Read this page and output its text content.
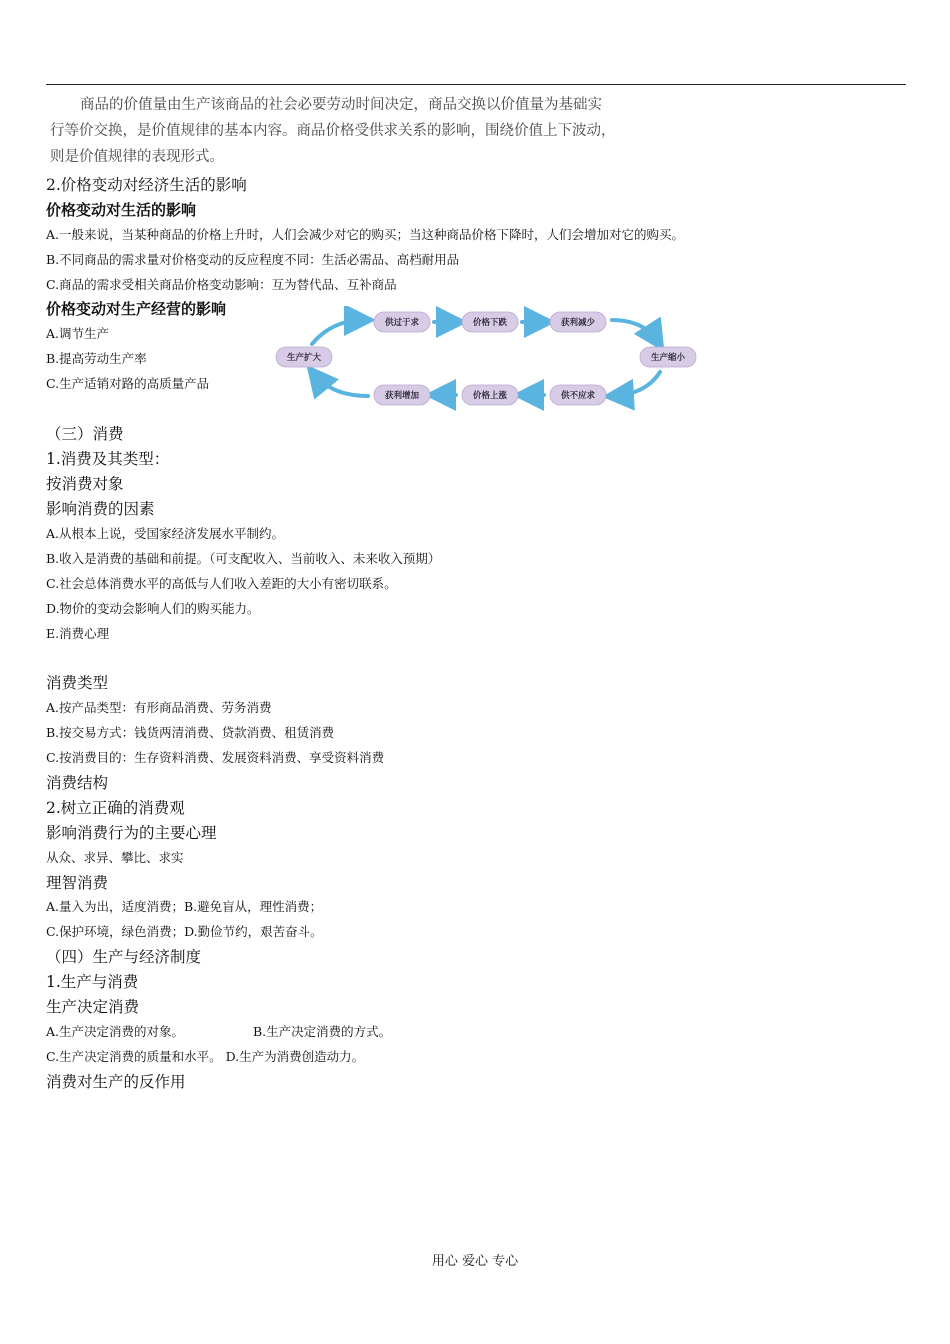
商品的价值量由生产该商品的社会必要劳动时间决定，商品交换以价值量为基础实

行等价交换，是价值规律的基本内容。商品价格受供求关系的影响，围绕价值上下波动，

则是价值规律的表现形式。

2.价格变动对经济生活的影响
价格变动对生活的影响
A.一般来说，当某种商品的价格上升时，人们会减少对它的购买；当这种商品价格下降时，人们会增加对它的购买。
B.不同商品的需求量对价格变动的反应程度不同：生活必需品、高档耐用品
C.商品的需求受相关商品价格变动影响：互为替代品、互补商品
价格变动对生产经营的影响
A.调节生产
B.提高劳动生产率
C.生产适销对路的高质量产品
供过于求	价格下跌	获利减少
生产缩小
供不应求
价格上涨
获利增加
生产扩大
（三）消费
1.消费及其类型：
按消费对象
影响消费的因素
A.从根本上说，受国家经济发展水平制约。
B.收入是消费的基础和前提。（可支配收入、当前收入、未来收入预期）
C.社会总体消费水平的高低与人们收入差距的大小有密切联系。
D.物价的变动会影响人们的购买能力。
E.消费心理
消费类型
A.按产品类型：有形商品消费、劳务消费
B.按交易方式：钱货两清消费、贷款消费、租赁消费
C.按消费目的：生存资料消费、发展资料消费、享受资料消费
消费结构
2.树立正确的消费观
影响消费行为的主要心理
从众、求异、攀比、求实
理智消费
A.量入为出，适度消费；B.避免盲从，理性消费；
C.保护环境，绿色消费；D.勤俭节约，艰苦奋斗。
（四）生产与经济制度
1.生产与消费
生产决定消费
A.生产决定消费的对象。	B.生产决定消费的方式。
C.生产决定消费的质量和水平。 D.生产为消费创造动力。
消费对生产的反作用
用心 爱心 专心
